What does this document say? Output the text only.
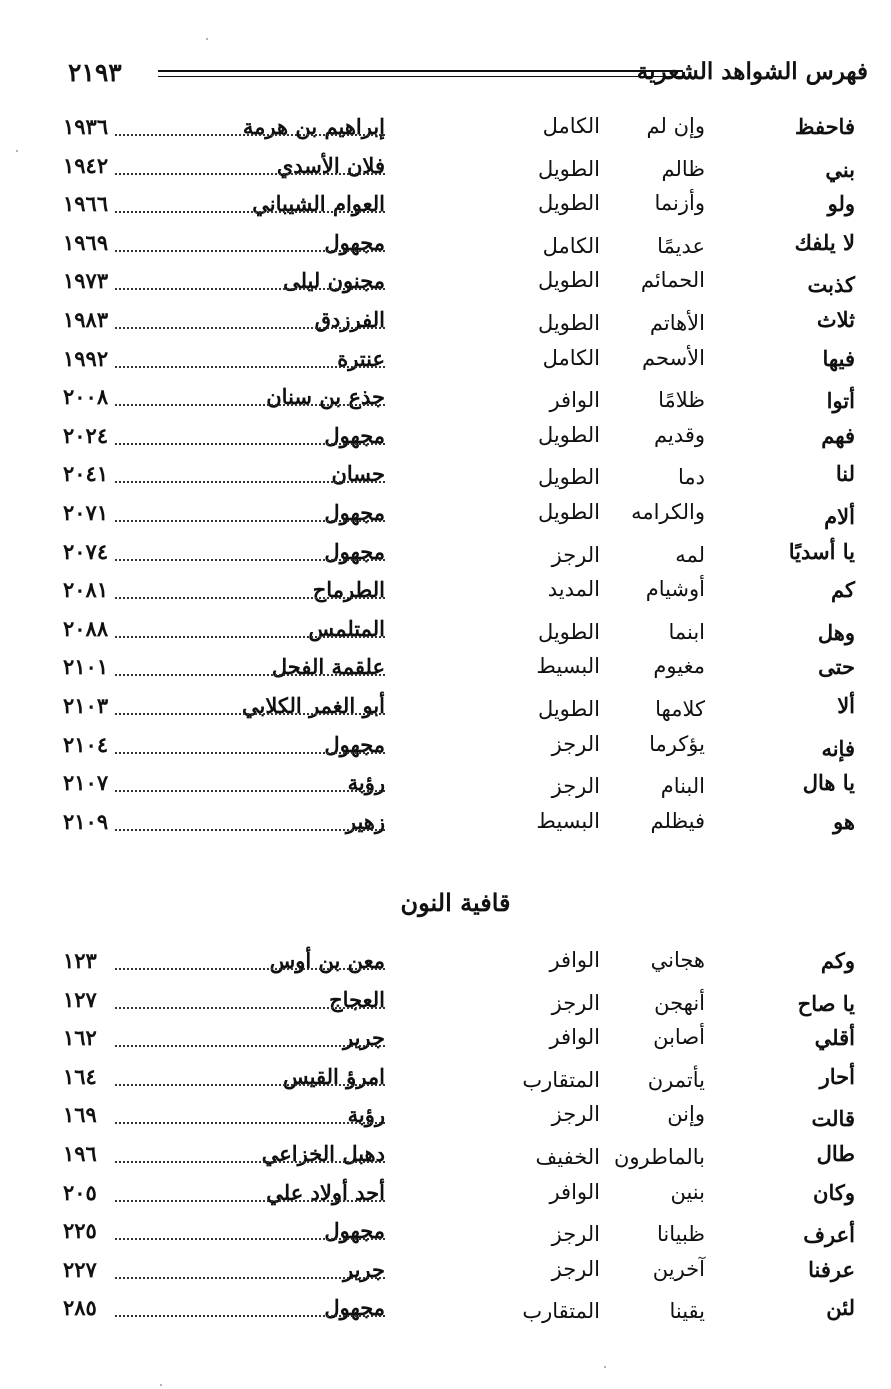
٢١٩٣	فهرس الشواهد الشعرية
فاحفظ
وإن لم
الكامل
إبراهيم بن هرمة
١٩٣٦
بني
ظالم
الطويل
فلان الأسدي
١٩٤٢
ولو
وأزنما
الطويل
العوام الشيباني
١٩٦٦
لا يلفك
عديمًا
الكامل
مجهول
١٩٦٩
كذبت
الحمائم
الطويل
مجنون ليلى
١٩٧٣
ثلاث
الأهاتم
الطويل
الفرزدق
١٩٨٣
فيها
الأسحم
الكامل
عنترة
١٩٩٢
أتوا
ظلامًا
الوافر
جذع بن سنان
٢٠٠٨
فهم
وقديم
الطويل
مجهول
٢٠٢٤
لنا
دما
الطويل
حسان
٢٠٤١
ألام
والكرامه
الطويل
مجهول
٢٠٧١
يا أسديًا
لمه
الرجز
مجهول
٢٠٧٤
كم
أوشيام
المديد
الطرماح
٢٠٨١
وهل
ابنما
الطويل
المتلمس
٢٠٨٨
حتى
مغيوم
البسيط
علقمة الفحل
٢١٠١
ألا
كلامها
الطويل
أبو الغمر الكلابي
٢١٠٣
فإنه
يؤكرما
الرجز
مجهول
٢١٠٤
يا هال
البنام
الرجز
رؤبة
٢١٠٧
هو
فيظلم
البسيط
زهير
٢١٠٩
قافية النون
وكم
هجاني
الوافر
معن بن أوس
١٢٣
يا صاح
أنهجن
الرجز
العجاج
١٢٧
أقلي
أصابن
الوافر
جرير
١٦٢
أحار
يأتمرن
المتقارب
امرؤ القيس
١٦٤
قالت
وإنن
الرجز
رؤبة
١٦٩
طال
بالماطرون
الخفيف
دهبل الخزاعي
١٩٦
وكان
بنين
الوافر
أحد أولاد علي
٢٠٥
أعرف
ظبيانا
الرجز
مجهول
٢٢٥
عرفنا
آخرين
الرجز
جرير
٢٢٧
لئن
يقينا
المتقارب
مجهول
٢٨٥
